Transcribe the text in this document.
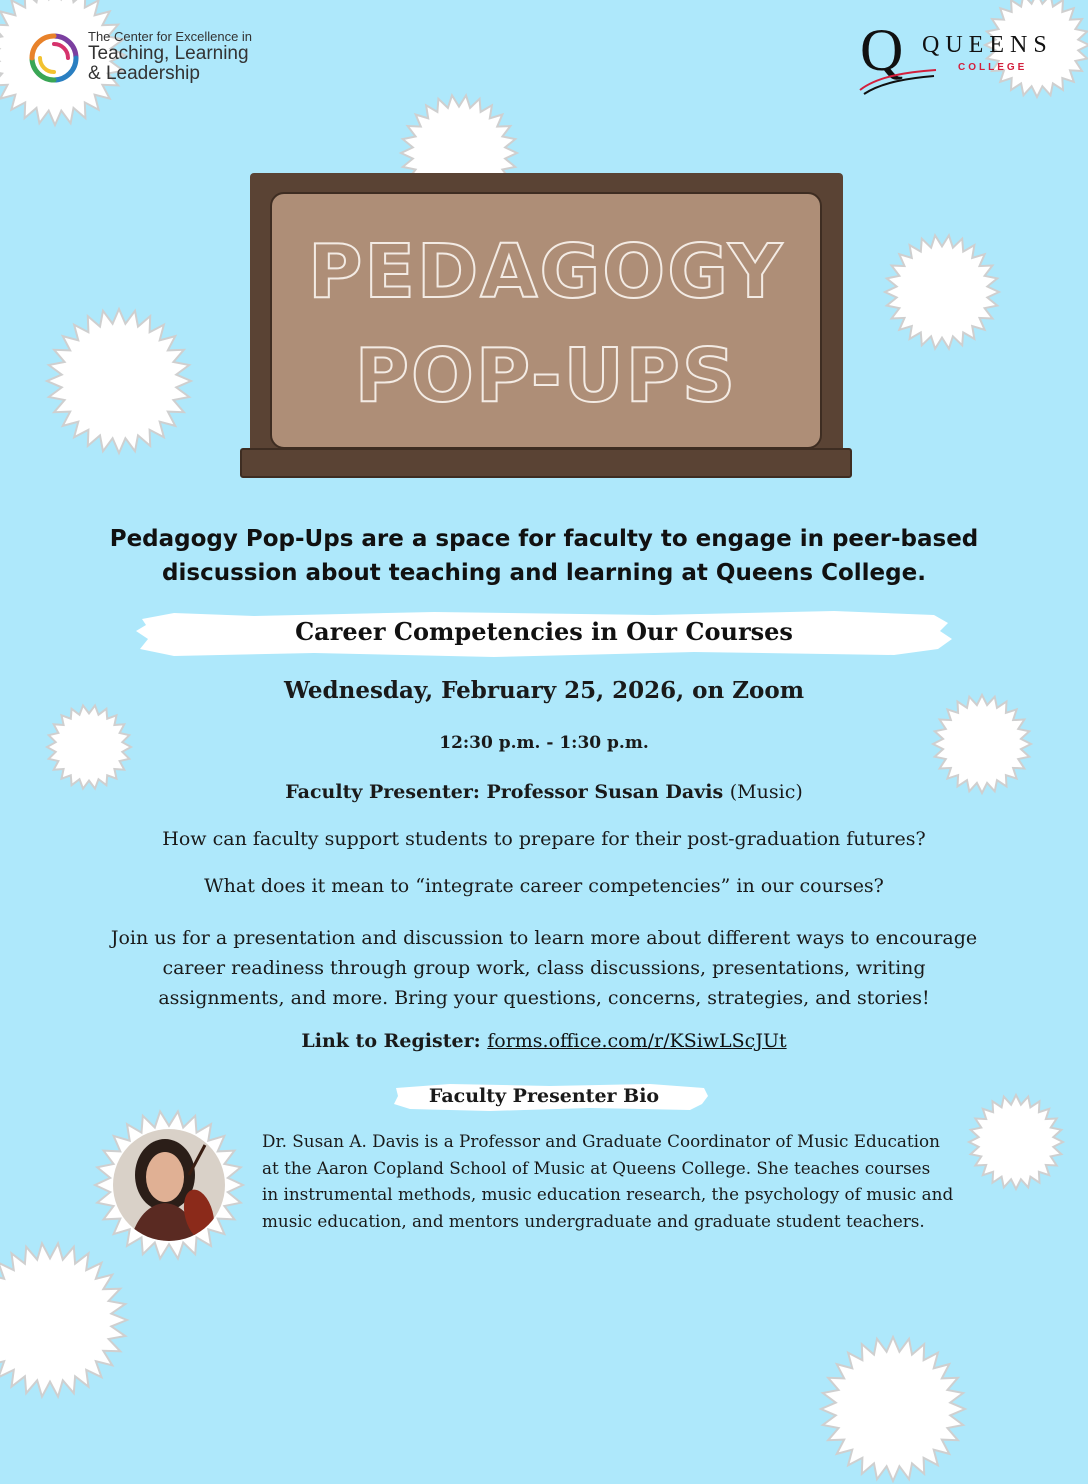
The Center for Excellence in
Teaching, Learning
& Leadership	Q QUEENS
COLLEGE
PEDAGOGY
POP-UPS
Pedagogy Pop-Ups are a space for faculty to engage in peer-based
discussion about teaching and learning at Queens College.
Career Competencies in Our Courses
Wednesday, February 25, 2026, on Zoom
12:30 p.m. - 1:30 p.m.
Faculty Presenter: Professor Susan Davis (Music)
How can faculty support students to prepare for their post-graduation futures?
What does it mean to “integrate career competencies” in our courses?
Join us for a presentation and discussion to learn more about different ways to encourage
career readiness through group work, class discussions, presentations, writing
assignments, and more. Bring your questions, concerns, strategies, and stories!
Link to Register: forms.office.com/r/KSiwLScJUt
Faculty Presenter Bio
Dr. Susan A. Davis is a Professor and Graduate Coordinator of Music Education
at the Aaron Copland School of Music at Queens College. She teaches courses
in instrumental methods, music education research, the psychology of music and
music education, and mentors undergraduate and graduate student teachers.
